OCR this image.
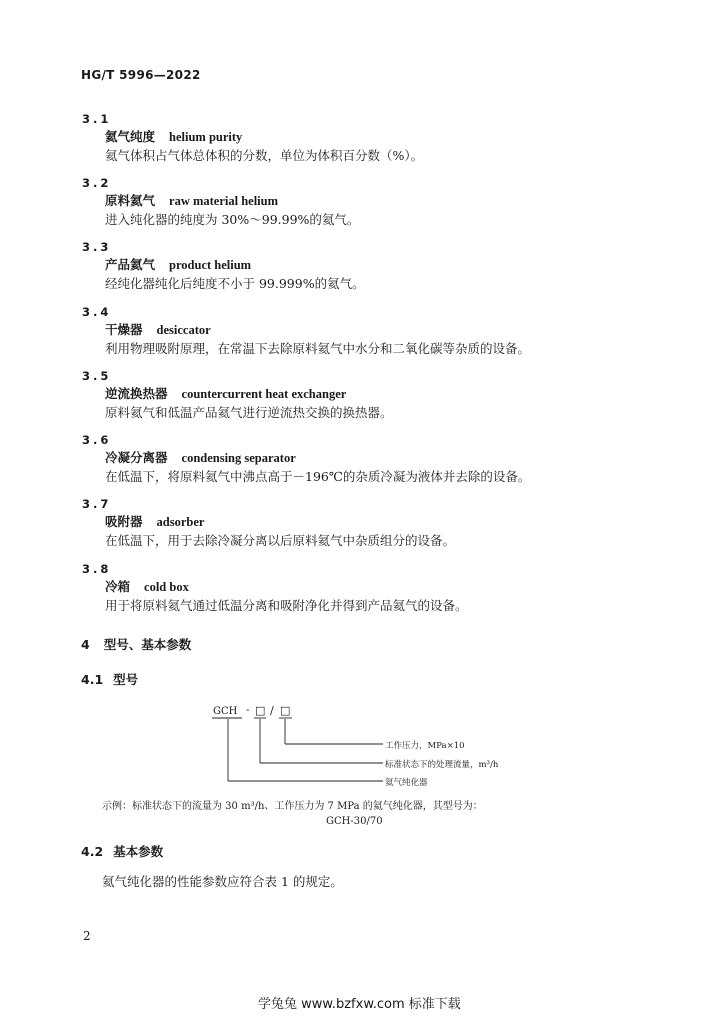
HG/T 5996—2022
3.1
氦气纯度 helium purity
氦气体积占气体总体积的分数，单位为体积百分数（%）。
3.2
原料氦气 raw material helium
进入纯化器的纯度为 30%～99.99%的氦气。
3.3
产品氦气 product helium
经纯化器纯化后纯度不小于 99.999%的氦气。
3.4
干燥器 desiccator
利用物理吸附原理，在常温下去除原料氦气中水分和二氧化碳等杂质的设备。
3.5
逆流换热器 countercurrent heat exchanger
原料氦气和低温产品氦气进行逆流热交换的换热器。
3.6
冷凝分离器 condensing separator
在低温下，将原料氦气中沸点高于－196℃的杂质冷凝为液体并去除的设备。
3.7
吸附器 adsorber
在低温下，用于去除冷凝分离以后原料氦气中杂质组分的设备。
3.8
冷箱 cold box
用于将原料氦气通过低温分离和吸附净化并得到产品氦气的设备。
4 型号、基本参数
4.1 型号
GCH - □ / □
工作压力，MPa×10
标准状态下的处理流量，m³/h
氦气纯化器
示例：标准状态下的流量为 30 m³/h、工作压力为 7 MPa 的氦气纯化器，其型号为：
GCH-30/70
4.2 基本参数
氦气纯化器的性能参数应符合表 1 的规定。
2
学兔兔 www.bzfxw.com 标准下载
